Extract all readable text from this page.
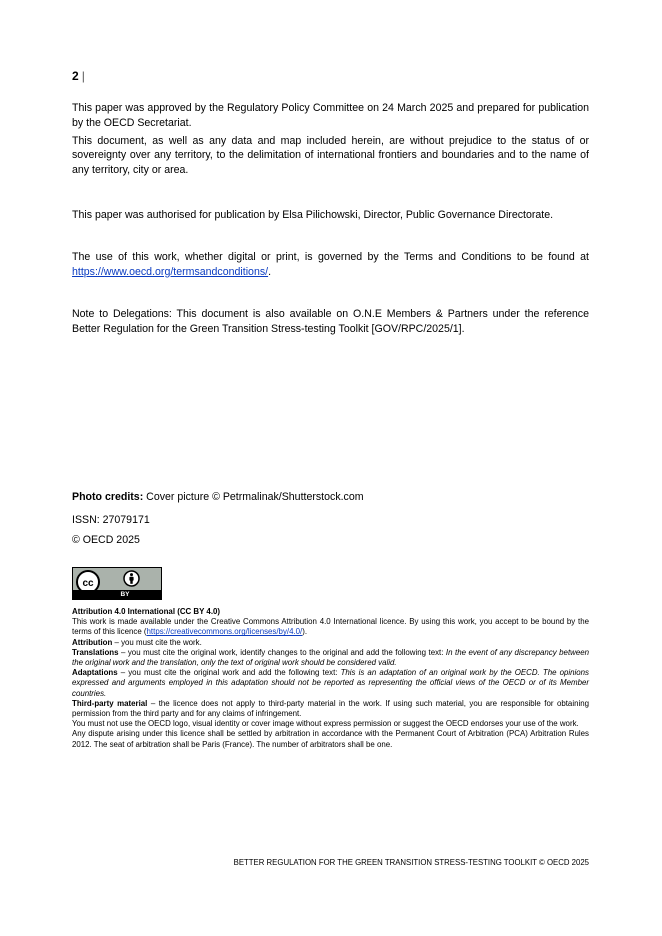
2 |

This paper was approved by the Regulatory Policy Committee on 24 March 2025 and prepared for publication by the OECD Secretariat.

This document, as well as any data and map included herein, are without prejudice to the status of or sovereignty over any territory, to the delimitation of international frontiers and boundaries and to the name of any territory, city or area.

This paper was authorised for publication by Elsa Pilichowski, Director, Public Governance Directorate.

The use of this work, whether digital or print, is governed by the Terms and Conditions to be found at https://www.oecd.org/termsandconditions/.

Note to Delegations: This document is also available on O.N.E Members & Partners under the reference Better Regulation for the Green Transition Stress-testing Toolkit [GOV/RPC/2025/1].

Photo credits: Cover picture © Petrmalinak/Shutterstock.com
ISSN: 27079171
© OECD 2025
cc
BY

Attribution 4.0 International (CC BY 4.0)

This work is made available under the Creative Commons Attribution 4.0 International licence. By using this work, you accept to be bound by the terms of this licence (https://creativecommons.org/licenses/by/4.0/).

Attribution – you must cite the work.

Translations – you must cite the original work, identify changes to the original and add the following text: In the event of any discrepancy between the original work and the translation, only the text of original work should be considered valid.

Adaptations – you must cite the original work and add the following text: This is an adaptation of an original work by the OECD. The opinions expressed and arguments employed in this adaptation should not be reported as representing the official views of the OECD or of its Member countries.

Third-party material – the licence does not apply to third-party material in the work. If using such material, you are responsible for obtaining permission from the third party and for any claims of infringement.

You must not use the OECD logo, visual identity or cover image without express permission or suggest the OECD endorses your use of the work.

Any dispute arising under this licence shall be settled by arbitration in accordance with the Permanent Court of Arbitration (PCA) Arbitration Rules 2012. The seat of arbitration shall be Paris (France). The number of arbitrators shall be one.

BETTER REGULATION FOR THE GREEN TRANSITION STRESS-TESTING TOOLKIT © OECD 2025
